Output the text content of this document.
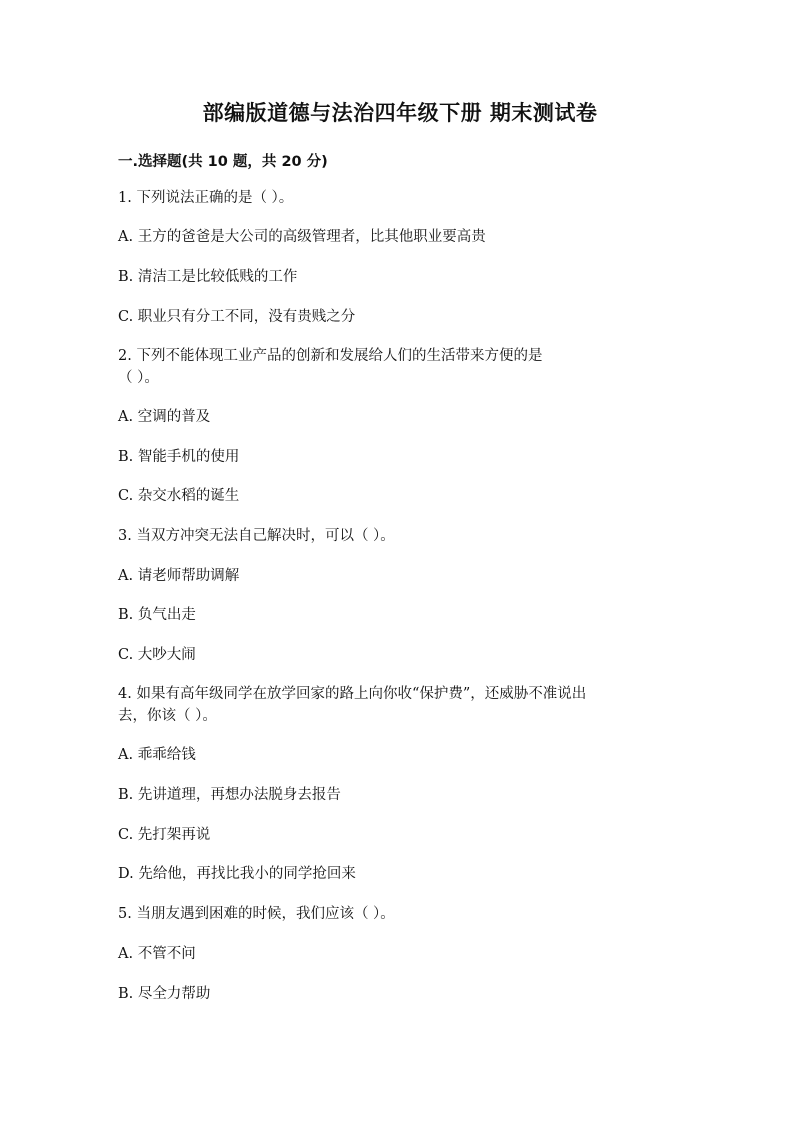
部编版道德与法治四年级下册 期末测试卷
一.选择题(共 10 题，共 20 分)
1. 下列说法正确的是（ ）。
A. 王方的爸爸是大公司的高级管理者，比其他职业要高贵
B. 清洁工是比较低贱的工作
C. 职业只有分工不同，没有贵贱之分
2. 下列不能体现工业产品的创新和发展给人们的生活带来方便的是
（ ）。
A. 空调的普及
B. 智能手机的使用
C. 杂交水稻的诞生
3. 当双方冲突无法自己解决时，可以（ ）。
A. 请老师帮助调解
B. 负气出走
C. 大吵大闹
4. 如果有高年级同学在放学回家的路上向你收“保护费”，还威胁不准说出
去，你该（ ）。
A. 乖乖给钱
B. 先讲道理，再想办法脱身去报告
C. 先打架再说
D. 先给他，再找比我小的同学抢回来
5. 当朋友遇到困难的时候，我们应该（ ）。
A. 不管不问
B. 尽全力帮助
